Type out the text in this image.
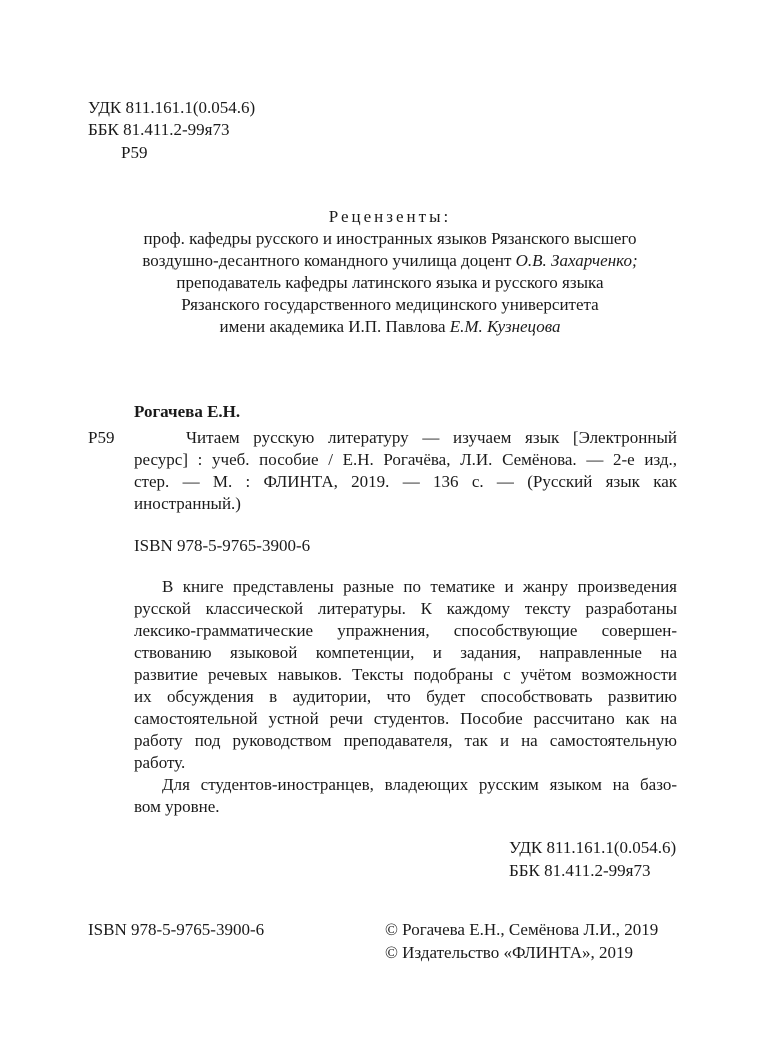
УДК 811.161.1(0.054.6)
ББК 81.411.2-99я73
Р59
Рецензенты:
проф. кафедры русского и иностранных языков Рязанского высшего
воздушно-десантного командного училища доцент О.В. Захарченко;
преподаватель кафедры латинского языка и русского языка
Рязанского государственного медицинского университета
имени академика И.П. Павлова Е.М. Кузнецова
Рогачева Е.Н.
Р59	Читаем русскую литературу — изучаем язык [Электронный
ресурс] : учеб. пособие / Е.Н. Рогачёва, Л.И. Семёнова. — 2-е изд.,
стер. — М. : ФЛИНТА, 2019. — 136 с. — (Русский язык как
иностранный.)
ISBN 978-5-9765-3900-6
В книге представлены разные по тематике и жанру произведения
русской классической литературы. К каждому тексту разработаны
лексико-грамматические упражнения, способствующие совершен-
ствованию языковой компетенции, и задания, направленные на
развитие речевых навыков. Тексты подобраны с учётом возможности
их обсуждения в аудитории, что будет способствовать развитию
самостоятельной устной речи студентов. Пособие рассчитано как на
работу под руководством преподавателя, так и на самостоятельную
работу.
Для студентов-иностранцев, владеющих русским языком на базо-
вом уровне.
УДК 811.161.1(0.054.6)
ББК 81.411.2-99я73
ISBN 978-5-9765-3900-6	© Рогачева Е.Н., Семёнова Л.И., 2019
© Издательство «ФЛИНТА», 2019
